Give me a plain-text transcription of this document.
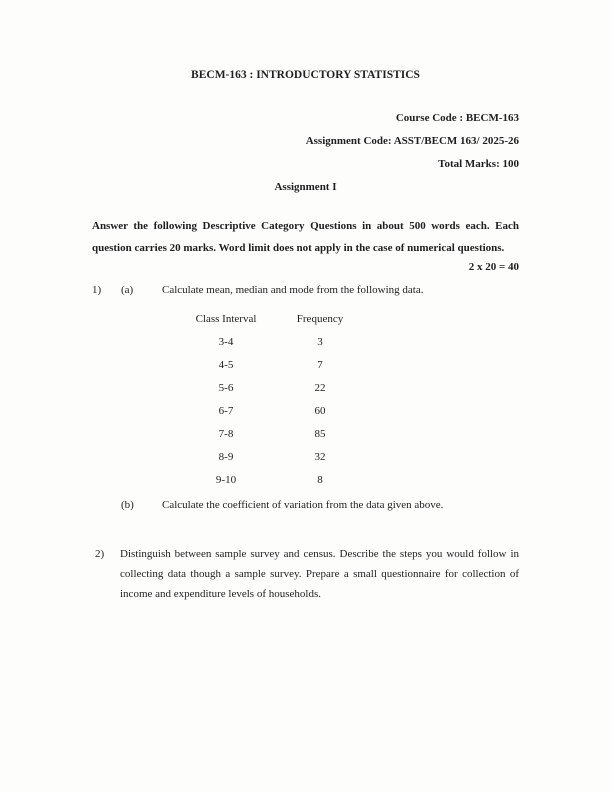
BECM-163 : INTRODUCTORY STATISTICS
Course Code : BECM-163
Assignment Code: ASST/BECM 163/ 2025-26
Total Marks: 100
Assignment I
Answer the following Descriptive Category Questions in about 500 words each. Each question carries 20 marks. Word limit does not apply in the case of numerical questions.
2 x 20 = 40
1)	(a)	Calculate mean, median and mode from the following data.
Class Interval	Frequency
3-4	3
4-5	7
5-6	22
6-7	60
7-8	85
8-9	32
9-10	8
(b)	Calculate the coefficient of variation from the data given above.
2)	Distinguish between sample survey and census. Describe the steps you would follow in collecting data though a sample survey. Prepare a small questionnaire for collection of income and expenditure levels of households.
